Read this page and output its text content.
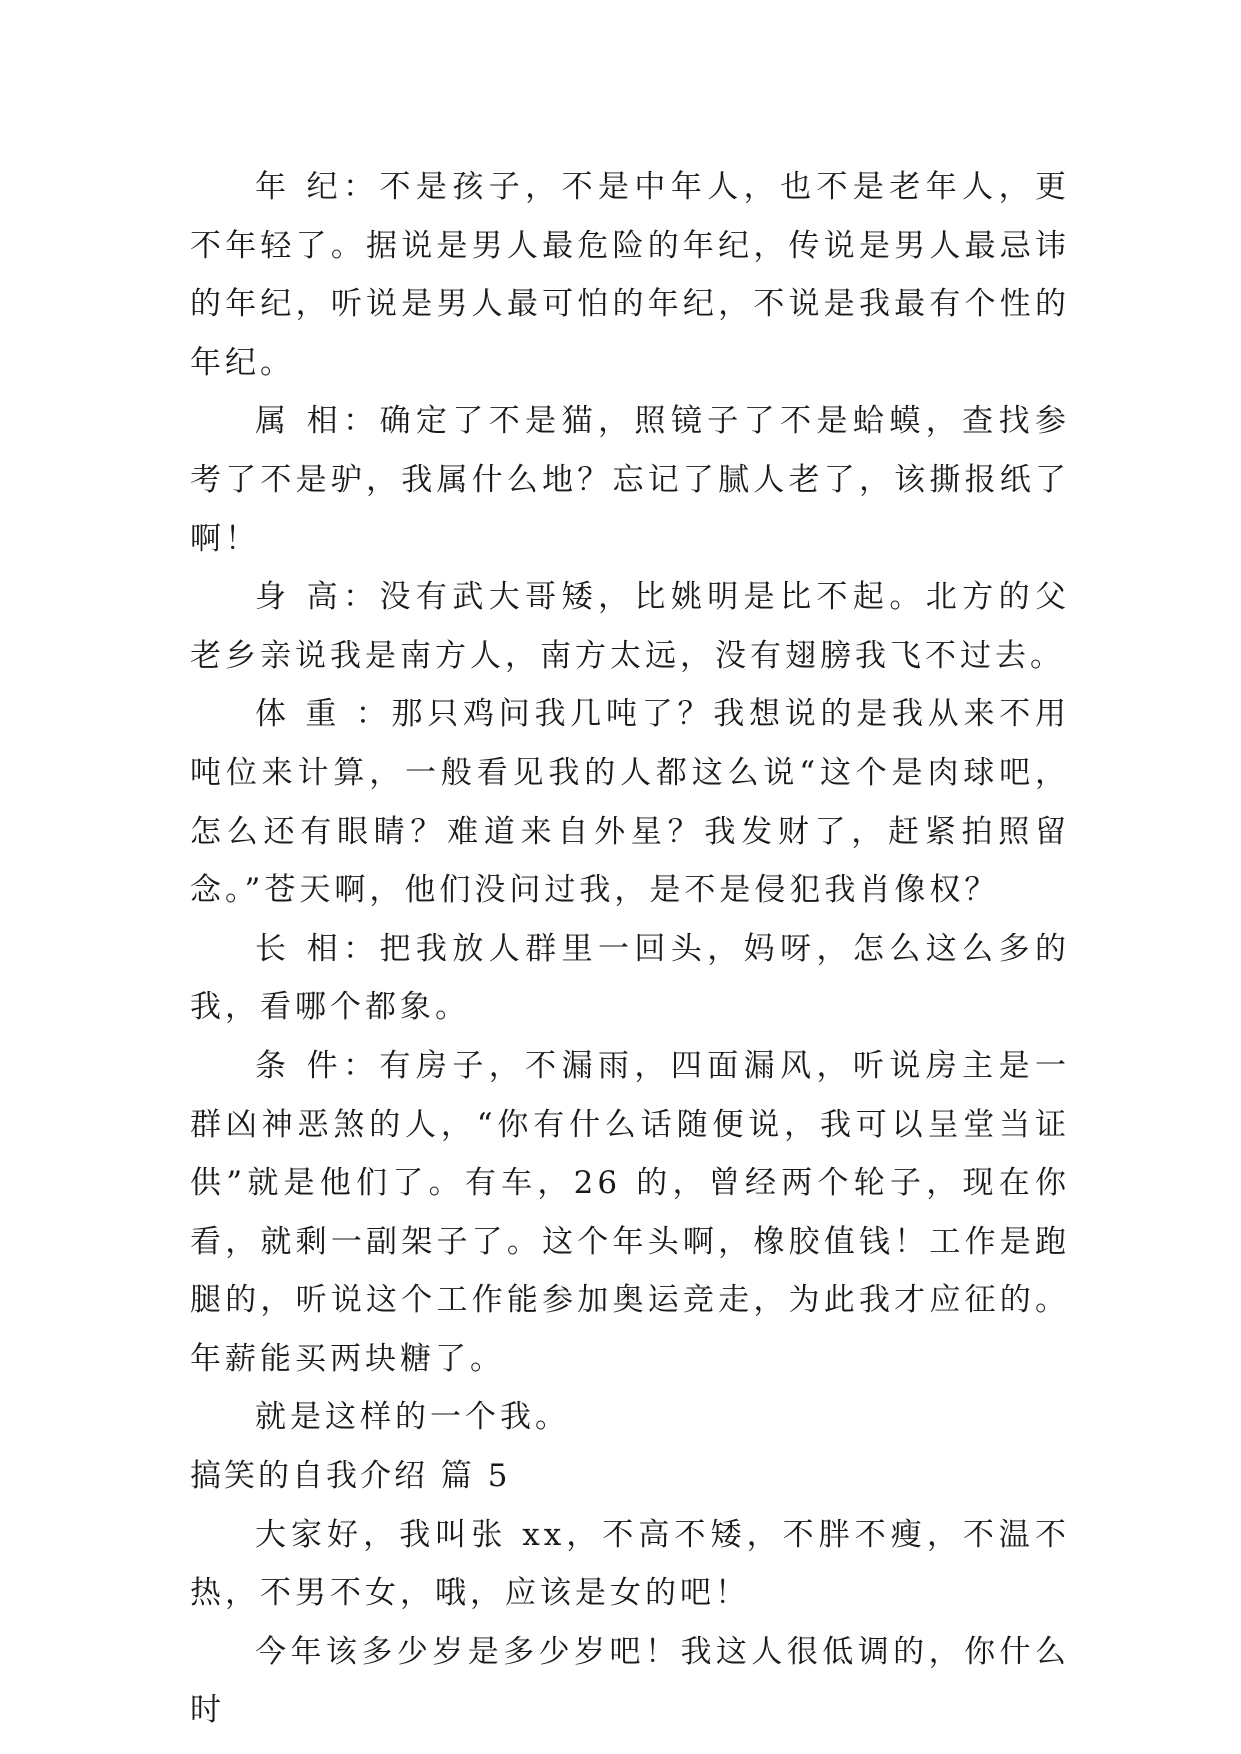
年 纪：不是孩子，不是中年人，也不是老年人，更不年轻了。据说是男人最危险的年纪，传说是男人最忌讳的年纪，听说是男人最可怕的年纪，不说是我最有个性的年纪。

属 相：确定了不是猫，照镜子了不是蛤蟆，查找参考了不是驴，我属什么地？忘记了腻人老了，该撕报纸了啊！

身 高：没有武大哥矮，比姚明是比不起。北方的父老乡亲说我是南方人，南方太远，没有翅膀我飞不过去。

体 重 ：那只鸡问我几吨了？我想说的是我从来不用吨位来计算，一般看见我的人都这么说“这个是肉球吧，怎么还有眼睛？难道来自外星？我发财了，赶紧拍照留念。”苍天啊，他们没问过我，是不是侵犯我肖像权？

长 相：把我放人群里一回头，妈呀，怎么这么多的我，看哪个都象。

条 件：有房子，不漏雨，四面漏风，听说房主是一群凶神恶煞的人，“你有什么话随便说，我可以呈堂当证供”就是他们了。有车，26 的，曾经两个轮子，现在你看，就剩一副架子了。这个年头啊，橡胶值钱！工作是跑腿的，听说这个工作能参加奥运竞走，为此我才应征的。年薪能买两块糖了。

就是这样的一个我。

搞笑的自我介绍 篇 5

大家好，我叫张 xx，不高不矮，不胖不瘦，不温不热，不男不女，哦，应该是女的吧！

今年该多少岁是多少岁吧！我这人很低调的，你什么时
